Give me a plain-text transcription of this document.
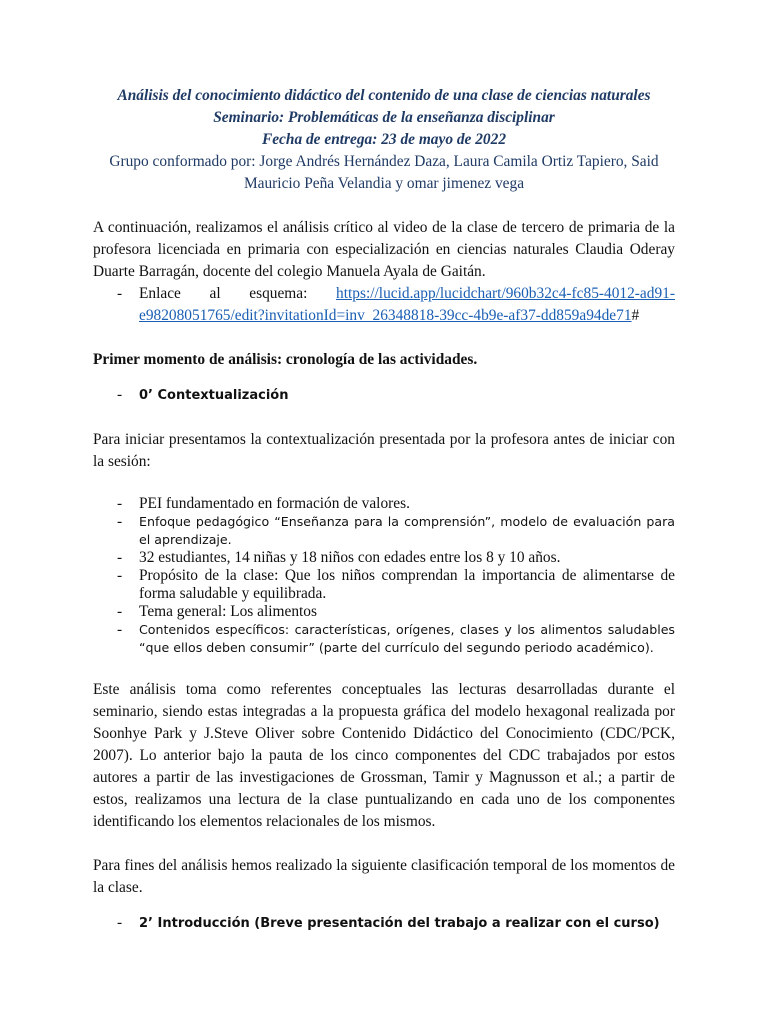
Análisis del conocimiento didáctico del contenido de una clase de ciencias naturales
Seminario: Problemáticas de la enseñanza disciplinar
Fecha de entrega: 23 de mayo de 2022
Grupo conformado por: Jorge Andrés Hernández Daza, Laura Camila Ortiz Tapiero, Said
Mauricio Peña Velandia y omar jimenez vega

A continuación, realizamos el análisis crítico al video de la clase de tercero de primaria de la profesora licenciada en primaria con especialización en ciencias naturales Claudia Oderay Duarte Barragán, docente del colegio Manuela Ayala de Gaitán.

- Enlace al esquema: https://lucid.app/lucidchart/960b32c4-fc85-4012-ad91-
e98208051765/edit?invitationId=inv_26348818-39cc-4b9e-af37-dd859a94de71#

Primer momento de análisis: cronología de las actividades.

- 0’ Contextualización

Para iniciar presentamos la contextualización presentada por la profesora antes de iniciar con la sesión:

- PEI fundamentado en formación de valores.
- Enfoque pedagógico “Enseñanza para la comprensión”, modelo de evaluación para el aprendizaje.
- 32 estudiantes, 14 niñas y 18 niños con edades entre los 8 y 10 años.
- Propósito de la clase: Que los niños comprendan la importancia de alimentarse de forma saludable y equilibrada.
- Tema general: Los alimentos
- Contenidos específicos: características, orígenes, clases y los alimentos saludables “que ellos deben consumir” (parte del currículo del segundo periodo académico).

Este análisis toma como referentes conceptuales las lecturas desarrolladas durante el seminario, siendo estas integradas a la propuesta gráfica del modelo hexagonal realizada por Soonhye Park y J.Steve Oliver sobre Contenido Didáctico del Conocimiento (CDC/PCK, 2007). Lo anterior bajo la pauta de los cinco componentes del CDC trabajados por estos autores a partir de las investigaciones de Grossman, Tamir y Magnusson et al.; a partir de estos, realizamos una lectura de la clase puntualizando en cada uno de los componentes identificando los elementos relacionales de los mismos.

Para fines del análisis hemos realizado la siguiente clasificación temporal de los momentos de la clase.

- 2’ Introducción (Breve presentación del trabajo a realizar con el curso)
